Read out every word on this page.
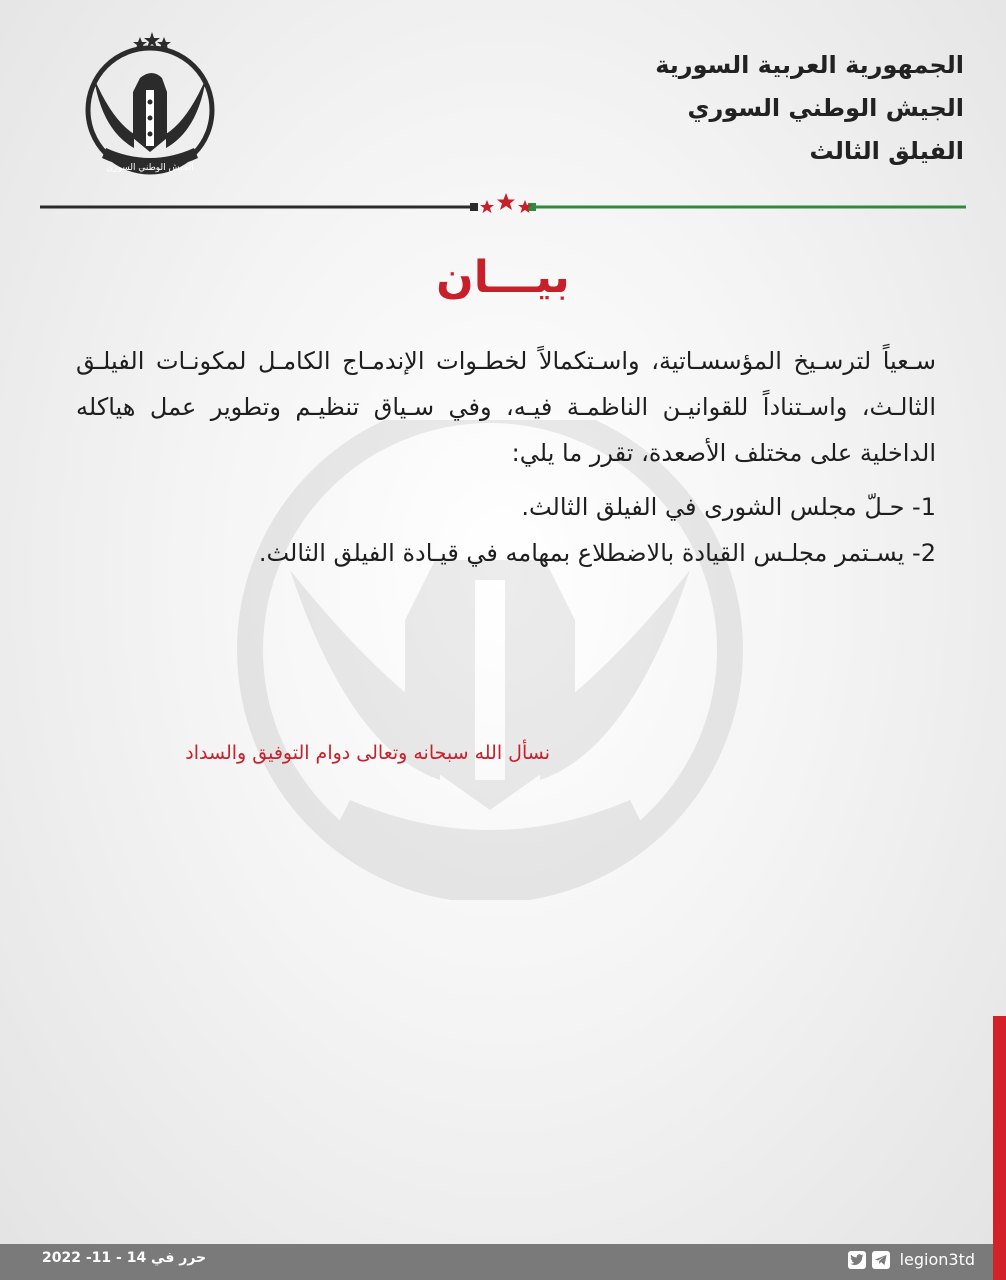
الجيش الوطني السوري
الجمهورية العربية السورية
الجيش الوطني السوري
الفيلق الثالث
بيـــان
سـعياً لترسـيخ المؤسسـاتية، واسـتكمالاً لخطـوات الإندمـاج الكامـل لمكونـات الفيلـق الثالـث، واسـتناداً للقوانيـن الناظمـة فيـه، وفي سـياق تنظيـم وتطوير عمل هياكله الداخلية على مختلف الأصعدة، تقرر ما يلي:
1- حـلّ مجلس الشورى في الفيلق الثالث.
2- يسـتمر مجلـس القيادة بالاضطلاع بمهامه في قيـادة الفيلق الثالث.
نسأل الله سبحانه وتعالى دوام التوفيق والسداد
حرر في 14 - 11- 2022	legion3td
